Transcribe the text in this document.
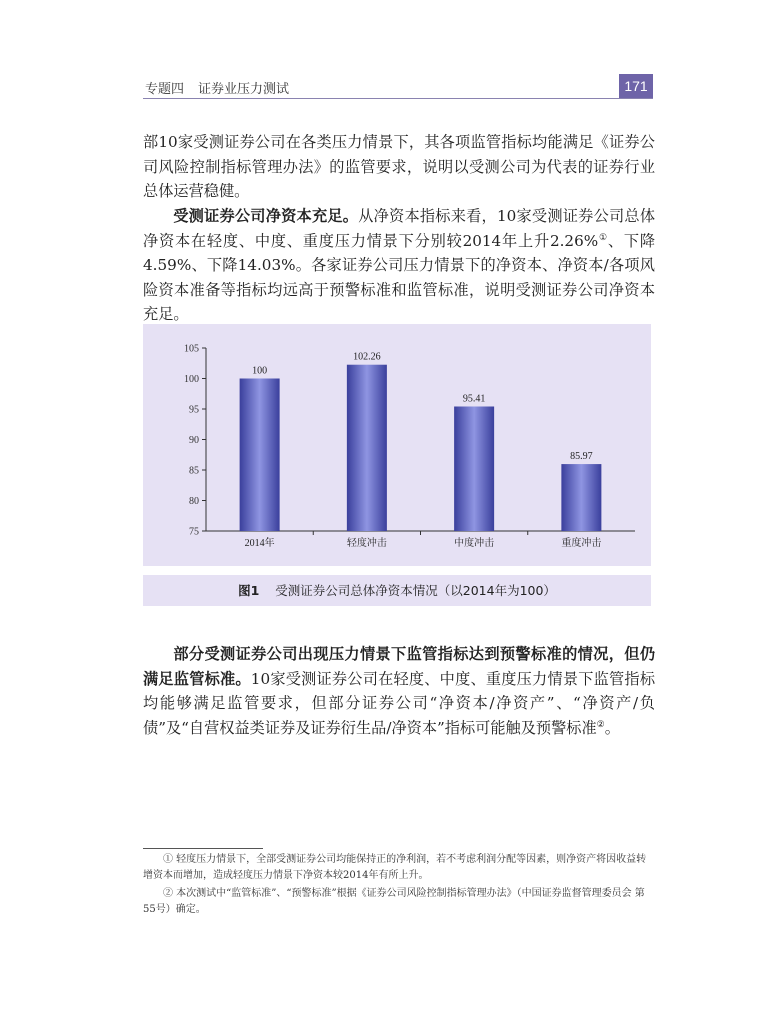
专题四 证券业压力测试	171

部10家受测证券公司在各类压力情景下，其各项监管指标均能满足《证券公司风险控制指标管理办法》的监管要求，说明以受测公司为代表的证券行业总体运营稳健。

受测证券公司净资本充足。从净资本指标来看，10家受测证券公司总体净资本在轻度、中度、重度压力情景下分别较2014年上升2.26%①、下降4.59%、下降14.03%。各家证券公司压力情景下的净资本、净资本/各项风险资本准备等指标均远高于预警标准和监管标准，说明受测证券公司净资本充足。

75
80
85
90
95
100
105
100
2014年
102.26
轻度冲击
95.41
中度冲击
85.97
重度冲击
图1 受测证券公司总体净资本情况（以2014年为100）

部分受测证券公司出现压力情景下监管指标达到预警标准的情况，但仍满足监管标准。10家受测证券公司在轻度、中度、重度压力情景下监管指标均能够满足监管要求，但部分证券公司“净资本/净资产”、“净资产/负债”及“自营权益类证券及证券衍生品/净资本”指标可能触及预警标准②。

① 轻度压力情景下，全部受测证券公司均能保持正的净利润，若不考虑利润分配等因素，则净资产将因收益转增资本而增加，造成轻度压力情景下净资本较2014年有所上升。

② 本次测试中“监管标准”、“预警标准”根据《证券公司风险控制指标管理办法》（中国证券监督管理委员会 第55号）确定。
